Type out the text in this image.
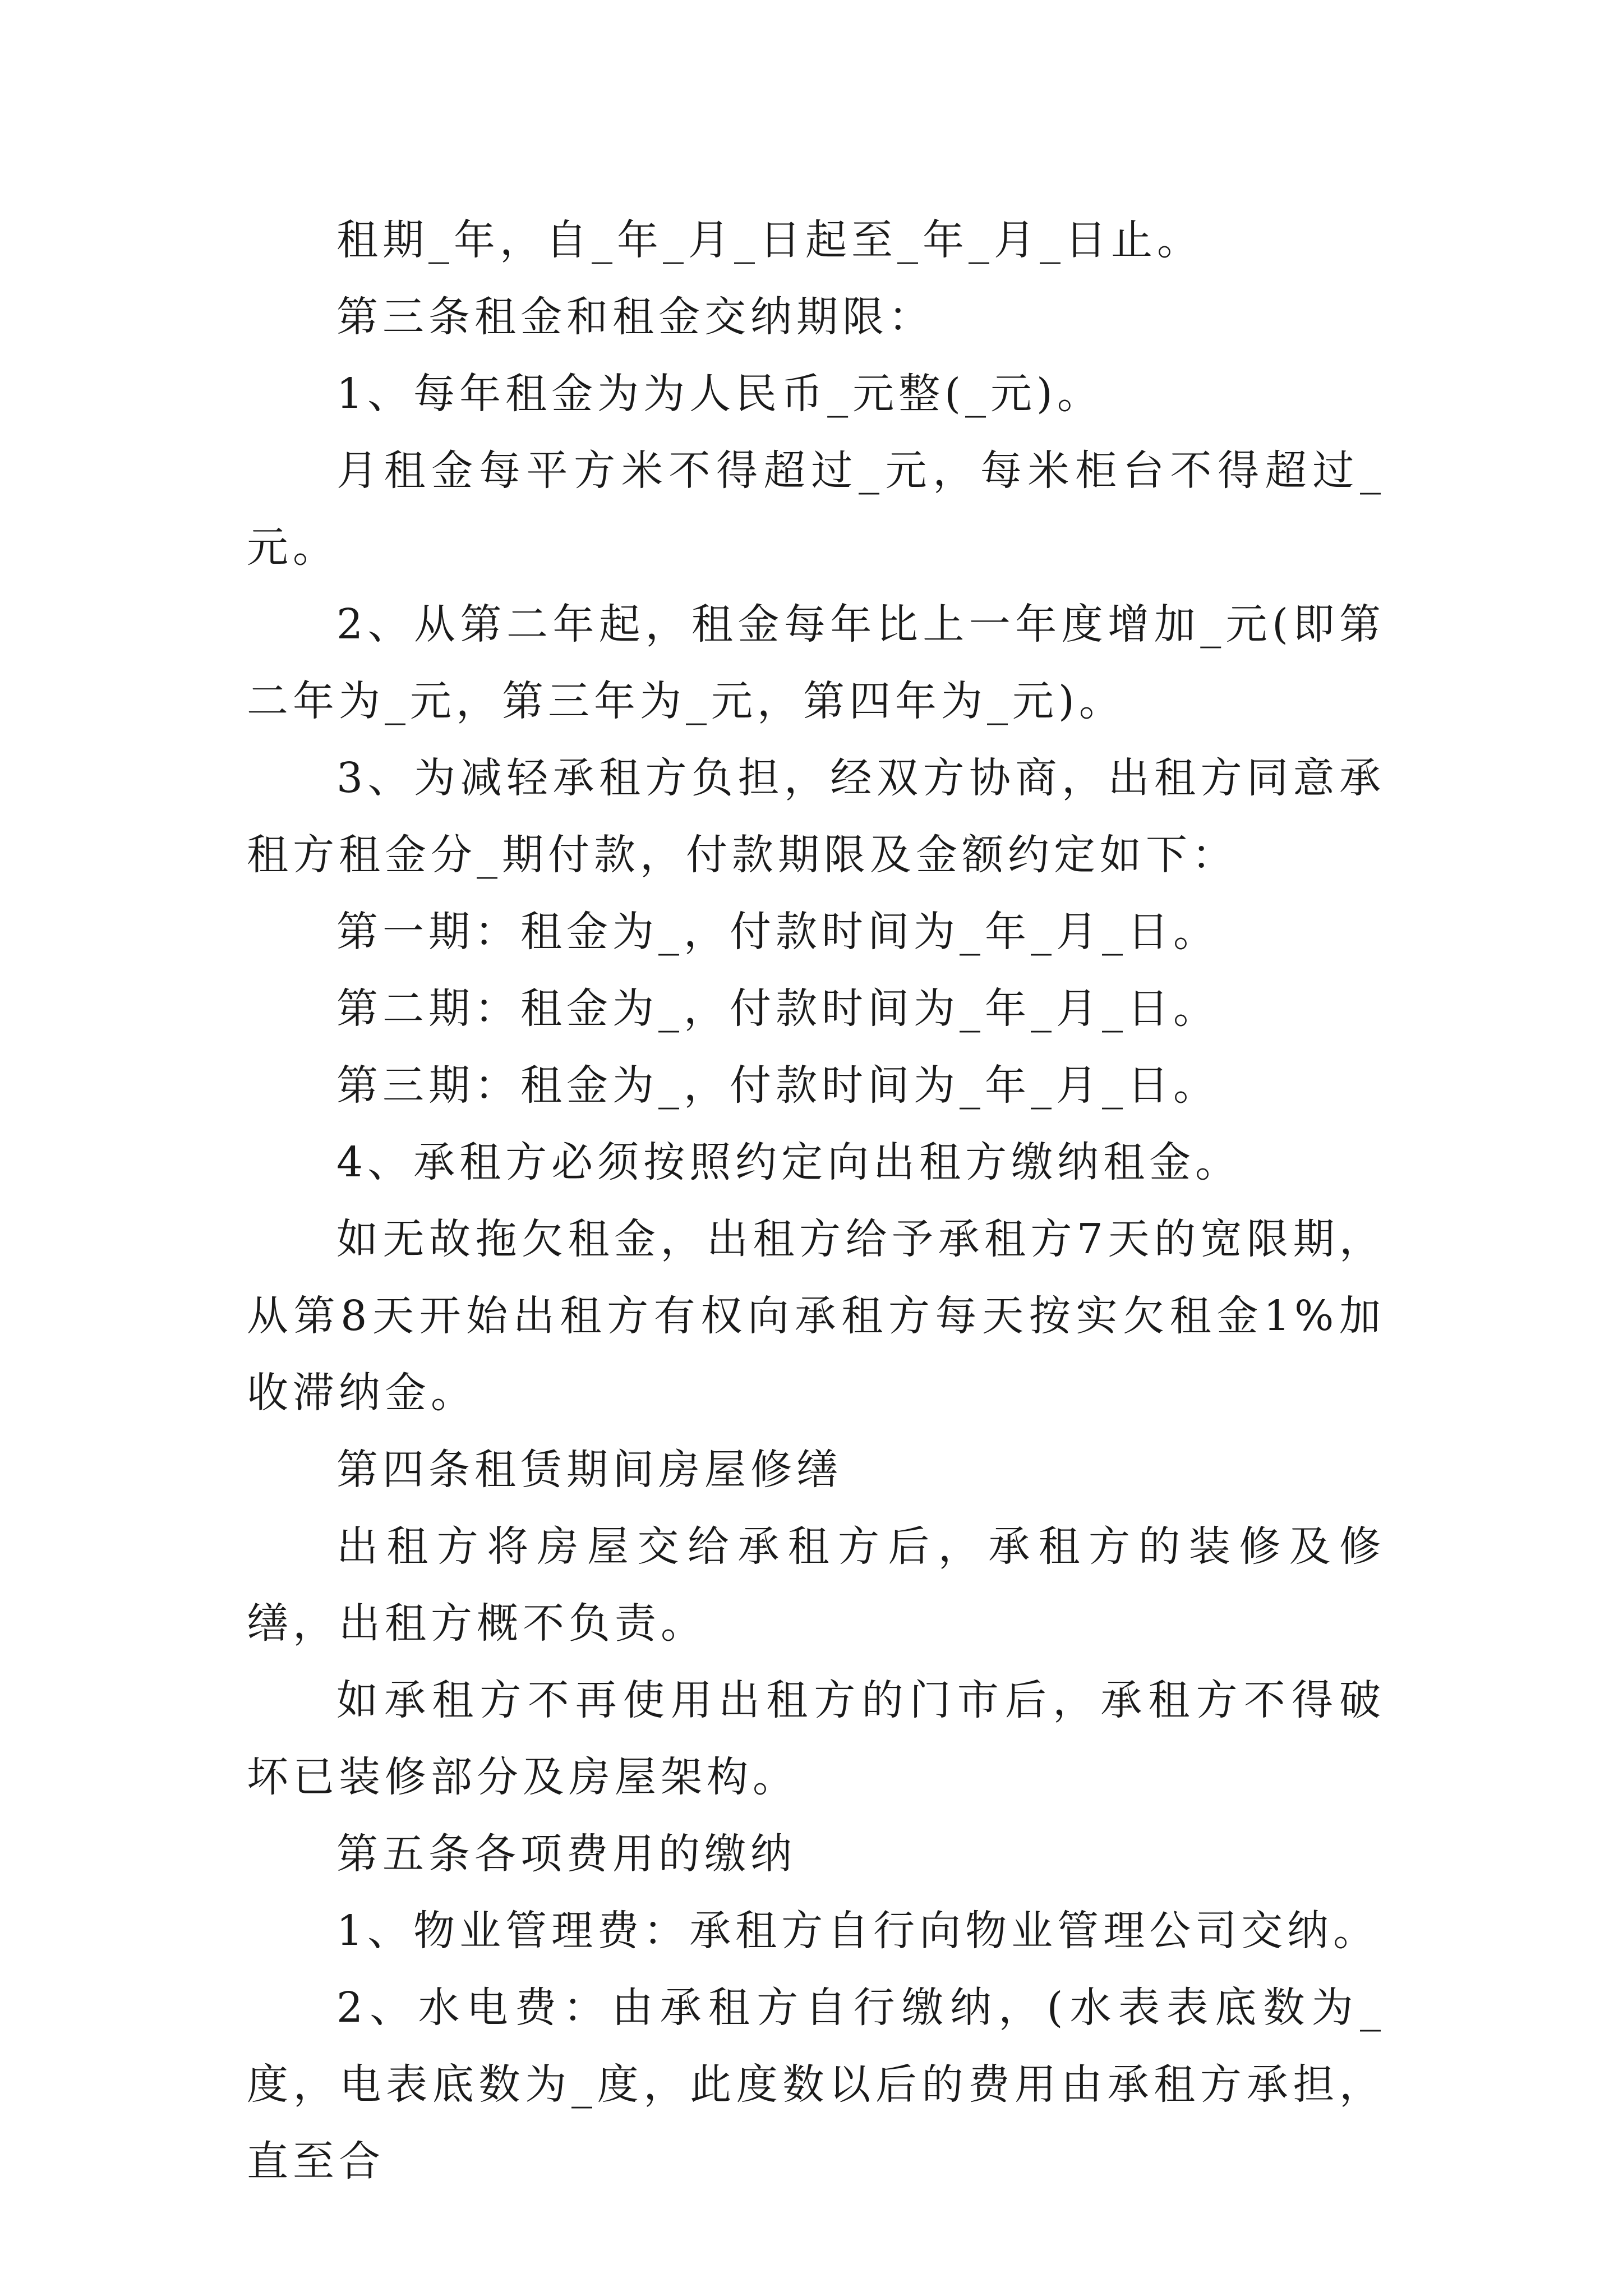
租期_年，自_年_月_日起至_年_月_日止。

第三条租金和租金交纳期限：

1、每年租金为为人民币_元整(_元)。

月租金每平方米不得超过_元，每米柜台不得超过_元。

2、从第二年起，租金每年比上一年度增加_元(即第二年为_元，第三年为_元，第四年为_元)。

3、为减轻承租方负担，经双方协商，出租方同意承租方租金分_期付款，付款期限及金额约定如下：

第一期：租金为_，付款时间为_年_月_日。

第二期：租金为_，付款时间为_年_月_日。

第三期：租金为_，付款时间为_年_月_日。

4、承租方必须按照约定向出租方缴纳租金。

如无故拖欠租金，出租方给予承租方7天的宽限期，从第8天开始出租方有权向承租方每天按实欠租金1%加收滞纳金。

第四条租赁期间房屋修缮

出租方将房屋交给承租方后，承租方的装修及修缮，出租方概不负责。

如承租方不再使用出租方的门市后，承租方不得破坏已装修部分及房屋架构。

第五条各项费用的缴纳

1、物业管理费：承租方自行向物业管理公司交纳。

2、水电费：由承租方自行缴纳，(水表表底数为_度，电表底数为_度，此度数以后的费用由承租方承担，直至合
